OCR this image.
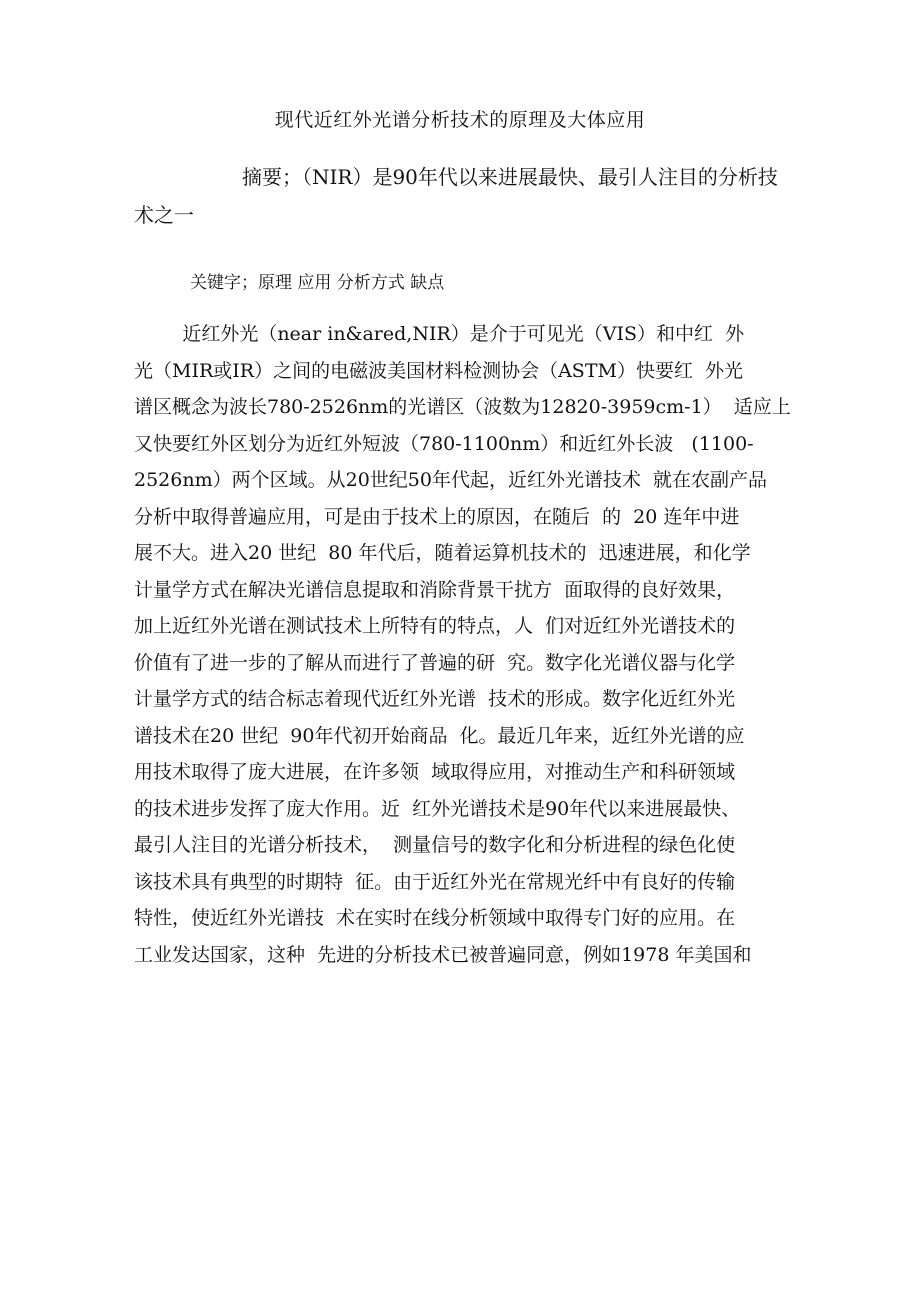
现代近红外光谱分析技术的原理及大体应用
摘要；（NIR）是90年代以来进展最快、最引人注目的分析技术之一
关键字；原理 应用 分析方式 缺点
近红外光（near in&ared,NIR）是介于可见光（VIS）和中红  外
光（MIR或IR）之间的电磁波美国材料检测协会（ASTM）快要红  外光
谱区概念为波长780-2526nm的光谱区（波数为12820-3959cm-1）  适应上
又快要红外区划分为近红外短波（780-1100nm）和近红外长波   (1100-
2526nm）两个区域。从20世纪50年代起，近红外光谱技术  就在农副产品
分析中取得普遍应用，可是由于技术上的原因，在随后  的  20 连年中进
展不大。进入20 世纪  80 年代后，随着运算机技术的  迅速进展，和化学
计量学方式在解决光谱信息提取和消除背景干扰方  面取得的良好效果，
加上近红外光谱在测试技术上所特有的特点，人  们对近红外光谱技术的
价值有了进一步的了解从而进行了普遍的研  究。数字化光谱仪器与化学
计量学方式的结合标志着现代近红外光谱  技术的形成。数字化近红外光
谱技术在20 世纪  90年代初开始商品  化。最近几年来，近红外光谱的应
用技术取得了庞大进展，在许多领  域取得应用，对推动生产和科研领域
的技术进步发挥了庞大作用。近  红外光谱技术是90年代以来进展最快、
最引人注目的光谱分析技术，  测量信号的数字化和分析进程的绿色化使
该技术具有典型的时期特  征。由于近红外光在常规光纤中有良好的传输
特性，使近红外光谱技  术在实时在线分析领域中取得专门好的应用。在
工业发达国家，这种  先进的分析技术已被普遍同意，例如1978 年美国和
